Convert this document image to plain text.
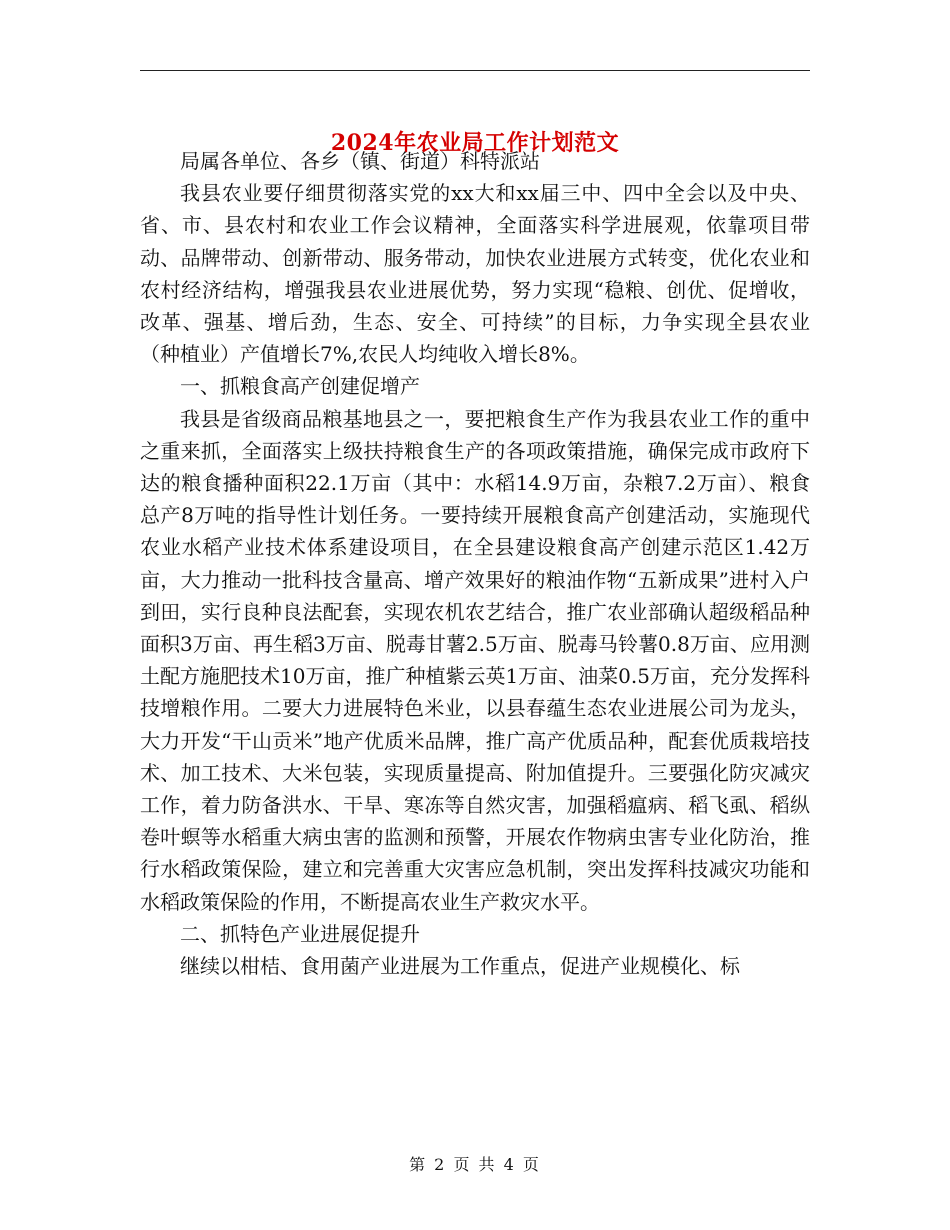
2024年农业局工作计划范文

局属各单位、各乡（镇、街道）科特派站

我县农业要仔细贯彻落实党的xx大和xx届三中、四中全会以及中央、省、市、县农村和农业工作会议精神，全面落实科学进展观，依靠项目带动、品牌带动、创新带动、服务带动，加快农业进展方式转变，优化农业和农村经济结构，增强我县农业进展优势，努力实现“稳粮、创优、促增收，改革、强基、增后劲，生态、安全、可持续”的目标，力争实现全县农业（种植业）产值增长7%,农民人均纯收入增长8%。

一、抓粮食高产创建促增产

我县是省级商品粮基地县之一，要把粮食生产作为我县农业工作的重中之重来抓，全面落实上级扶持粮食生产的各项政策措施，确保完成市政府下达的粮食播种面积22.1万亩（其中：水稻14.9万亩，杂粮7.2万亩）、粮食总产8万吨的指导性计划任务。一要持续开展粮食高产创建活动，实施现代农业水稻产业技术体系建设项目，在全县建设粮食高产创建示范区1.42万亩，大力推动一批科技含量高、增产效果好的粮油作物“五新成果”进村入户到田，实行良种良法配套，实现农机农艺结合，推广农业部确认超级稻品种面积3万亩、再生稻3万亩、脱毒甘薯2.5万亩、脱毒马铃薯0.8万亩、应用测土配方施肥技术10万亩，推广种植紫云英1万亩、油菜0.5万亩，充分发挥科技增粮作用。二要大力进展特色米业，以县春蕴生态农业进展公司为龙头，大力开发“干山贡米”地产优质米品牌，推广高产优质品种，配套优质栽培技术、加工技术、大米包装，实现质量提高、附加值提升。三要强化防灾减灾工作，着力防备洪水、干旱、寒冻等自然灾害，加强稻瘟病、稻飞虱、稻纵卷叶螟等水稻重大病虫害的监测和预警，开展农作物病虫害专业化防治，推行水稻政策保险，建立和完善重大灾害应急机制，突出发挥科技减灾功能和水稻政策保险的作用，不断提高农业生产救灾水平。

二、抓特色产业进展促提升

继续以柑桔、食用菌产业进展为工作重点，促进产业规模化、标

第 2 页 共 4 页
